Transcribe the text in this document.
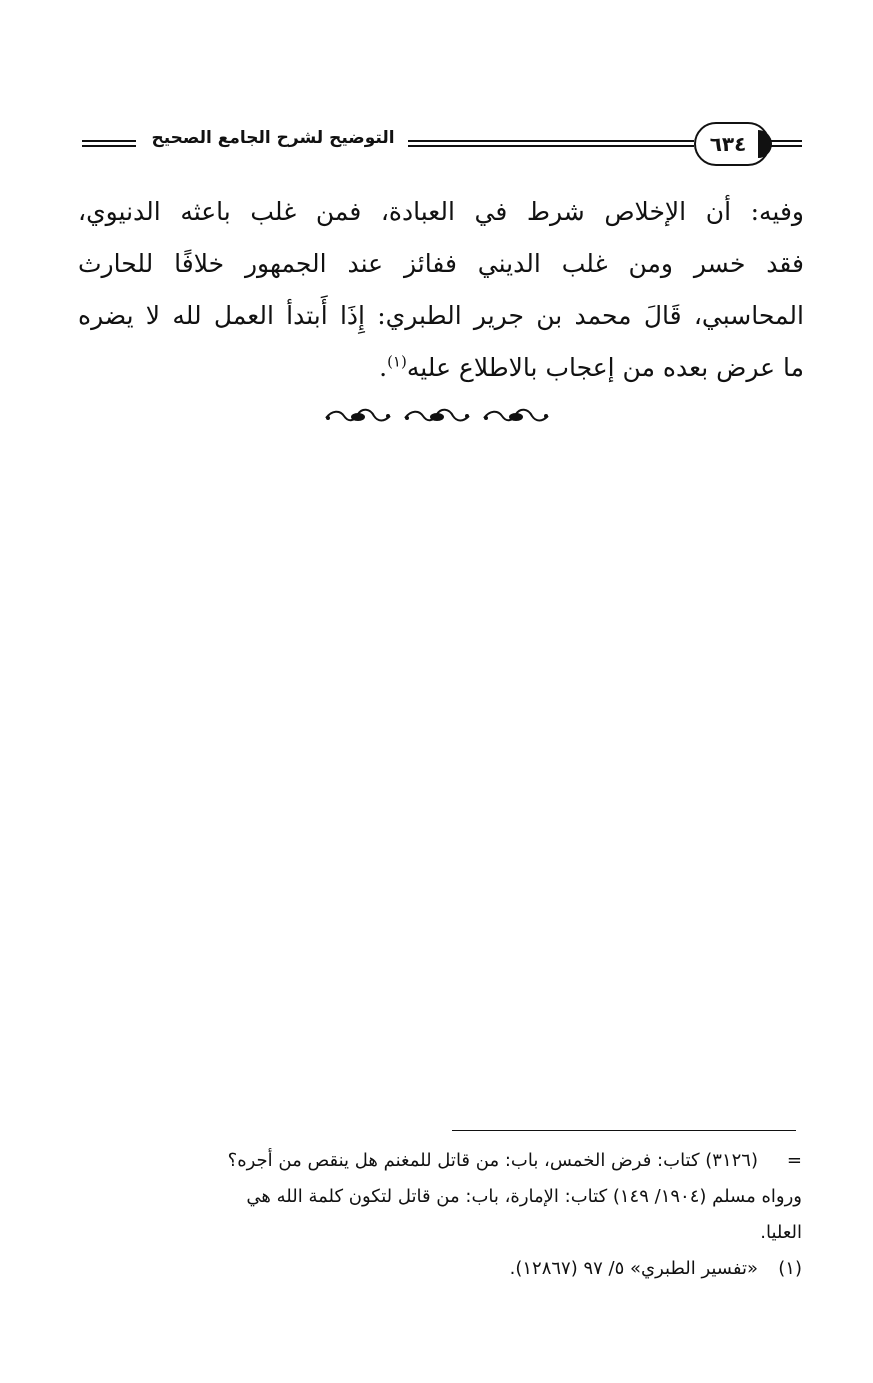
التوضيح لشرح الجامع الصحيح	٦٣٤
وفيه: أن الإخلاص شرط في العبادة، فمن غلب باعثه الدنيوي،
فقد خسر ومن غلب الديني ففائز عند الجمهور خلافًا للحارث
المحاسبي، قَالَ محمد بن جرير الطبري: إِذَا أَبتدأ العمل لله لا يضره
ما عرض بعده من إعجاب بالاطلاع عليه$^{(١)}$.
=(٣١٢٦) كتاب: فرض الخمس، باب: من قاتل للمغنم هل ينقص من أجره؟
ورواه مسلم (١٩٠٤/ ١٤٩) كتاب: الإمارة، باب: من قاتل لتكون كلمة الله هي
العليا.
(١)«تفسير الطبري» ٥/ ٩٧ (١٢٨٦٧).
